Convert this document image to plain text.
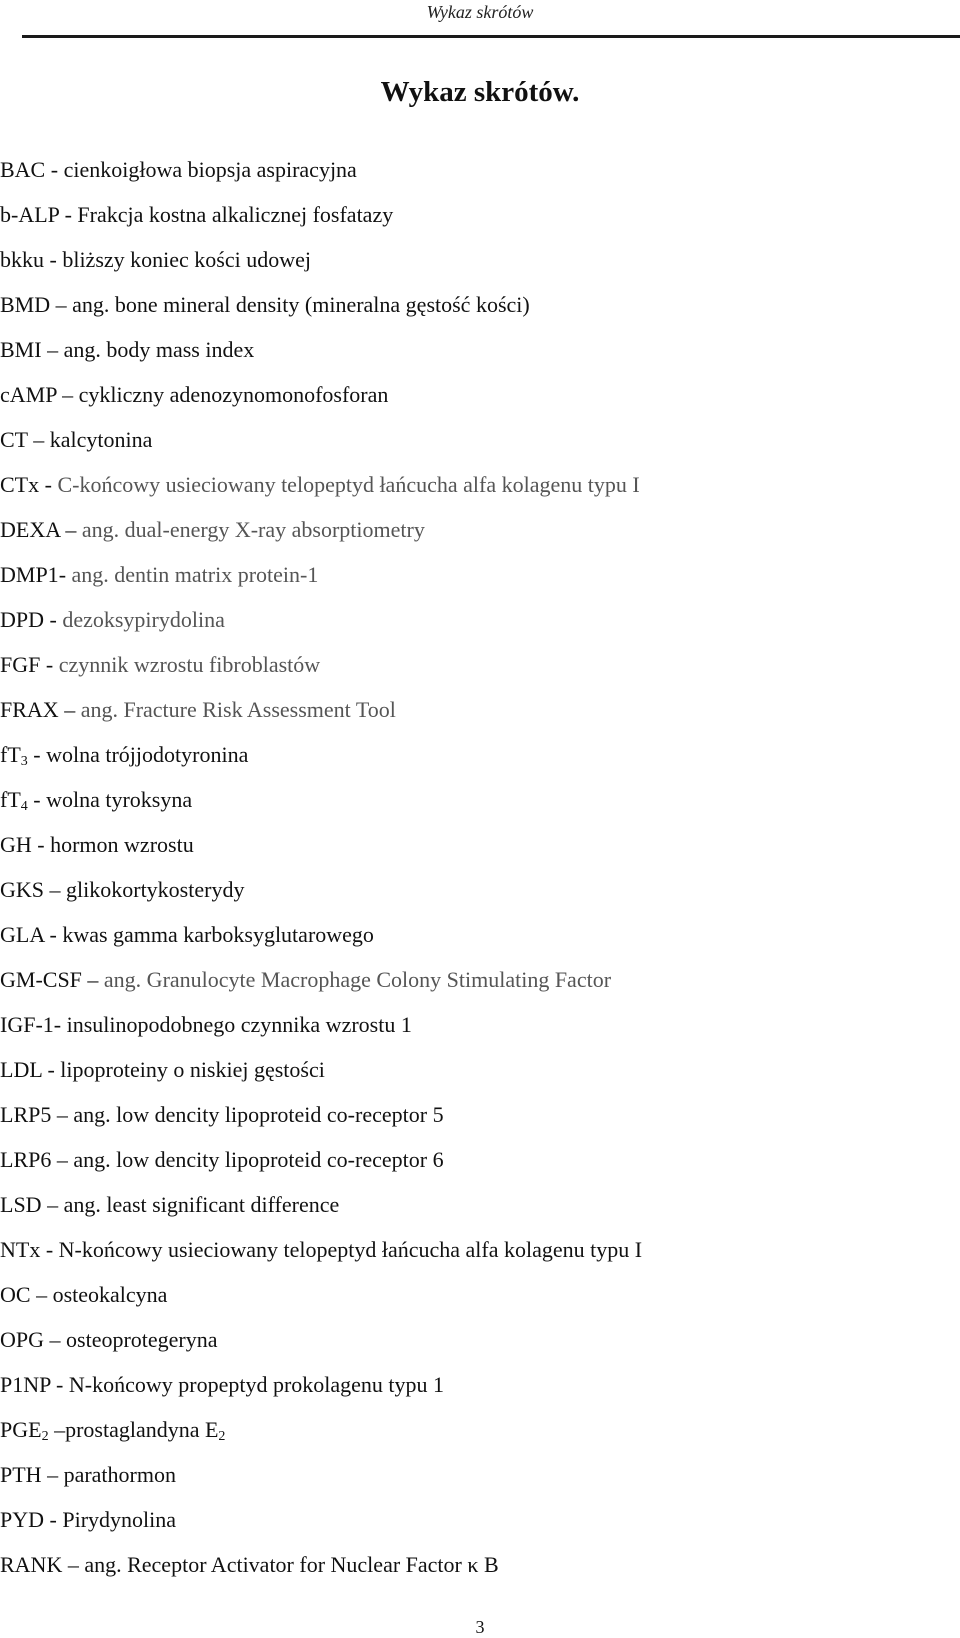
Wykaz skrótów
Wykaz skrótów.
BAC - cienkoigłowa biopsja aspiracyjna
b-ALP - Frakcja kostna alkalicznej fosfatazy
bkku - bliższy koniec kości udowej
BMD – ang. bone mineral density (mineralna gęstość kości)
BMI – ang. body mass index
cAMP – cykliczny adenozynomonofosforan
CT – kalcytonina
CTx - C-końcowy usieciowany telopeptyd łańcucha alfa kolagenu typu I
DEXA – ang. dual-energy X-ray absorptiometry
DMP1- ang. dentin matrix protein-1
DPD - dezoksypirydolina
FGF - czynnik wzrostu fibroblastów
FRAX – ang. Fracture Risk Assessment Tool
$fT_3$ - wolna trójjodotyronina
$fT_4$ - wolna tyroksyna
GH - hormon wzrostu
GKS – glikokortykosterydy
GLA - kwas gamma karboksyglutarowego
GM-CSF – ang. Granulocyte Macrophage Colony Stimulating Factor
IGF-1- insulinopodobnego czynnika wzrostu 1
LDL - lipoproteiny o niskiej gęstości
LRP5 – ang. low dencity lipoproteid co-receptor 5
LRP6 – ang. low dencity lipoproteid co-receptor 6
LSD – ang. least significant difference
NTx - N-końcowy usieciowany telopeptyd łańcucha alfa kolagenu typu I
OC – osteokalcyna
OPG – osteoprotegeryna
P1NP - N-końcowy propeptyd prokolagenu typu 1
$PGE_2$ –prostaglandyna $E_2$
PTH – parathormon
PYD - Pirydynolina
RANK – ang. Receptor Activator for Nuclear Factor κ B
3
